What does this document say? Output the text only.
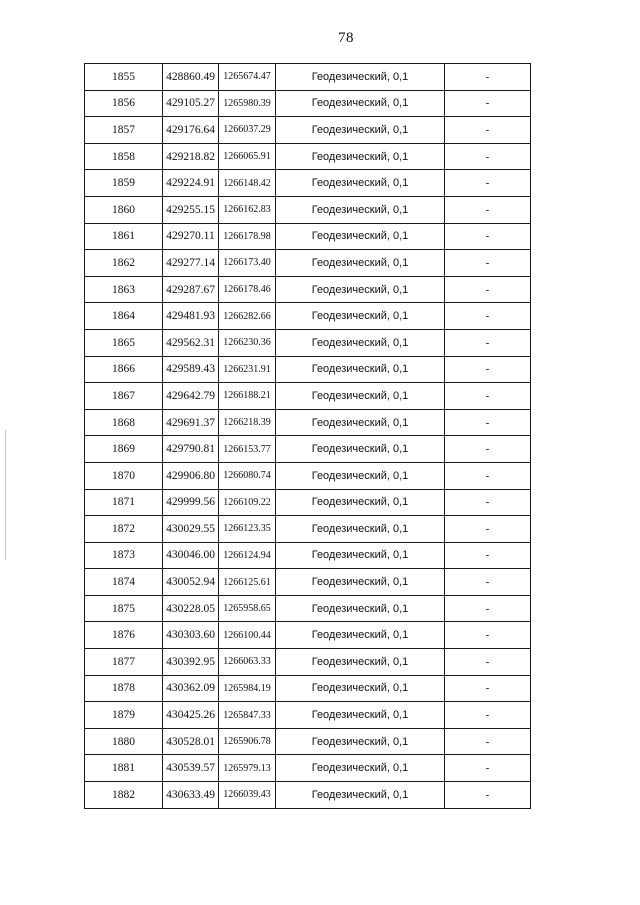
78
1855	428860.49	1265674.47	Геодезический, 0,1	-
1856	429105.27	1265980.39	Геодезический, 0,1	-
1857	429176.64	1266037.29	Геодезический, 0,1	-
1858	429218.82	1266065.91	Геодезический, 0,1	-
1859	429224.91	1266148.42	Геодезический, 0,1	-
1860	429255.15	1266162.83	Геодезический, 0,1	-
1861	429270.11	1266178.98	Геодезический, 0,1	-
1862	429277.14	1266173.40	Геодезический, 0,1	-
1863	429287.67	1266178.46	Геодезический, 0,1	-
1864	429481.93	1266282.66	Геодезический, 0,1	-
1865	429562.31	1266230.36	Геодезический, 0,1	-
1866	429589.43	1266231.91	Геодезический, 0,1	-
1867	429642.79	1266188.21	Геодезический, 0,1	-
1868	429691.37	1266218.39	Геодезический, 0,1	-
1869	429790.81	1266153.77	Геодезический, 0,1	-
1870	429906.80	1266080.74	Геодезический, 0,1	-
1871	429999.56	1266109.22	Геодезический, 0,1	-
1872	430029.55	1266123.35	Геодезический, 0,1	-
1873	430046.00	1266124.94	Геодезический, 0,1	-
1874	430052.94	1266125.61	Геодезический, 0,1	-
1875	430228.05	1265958.65	Геодезический, 0,1	-
1876	430303.60	1266100.44	Геодезический, 0,1	-
1877	430392.95	1266063.33	Геодезический, 0,1	-
1878	430362.09	1265984.19	Геодезический, 0,1	-
1879	430425.26	1265847.33	Геодезический, 0,1	-
1880	430528.01	1265906.78	Геодезический, 0,1	-
1881	430539.57	1265979.13	Геодезический, 0,1	-
1882	430633.49	1266039.43	Геодезический, 0,1	-
